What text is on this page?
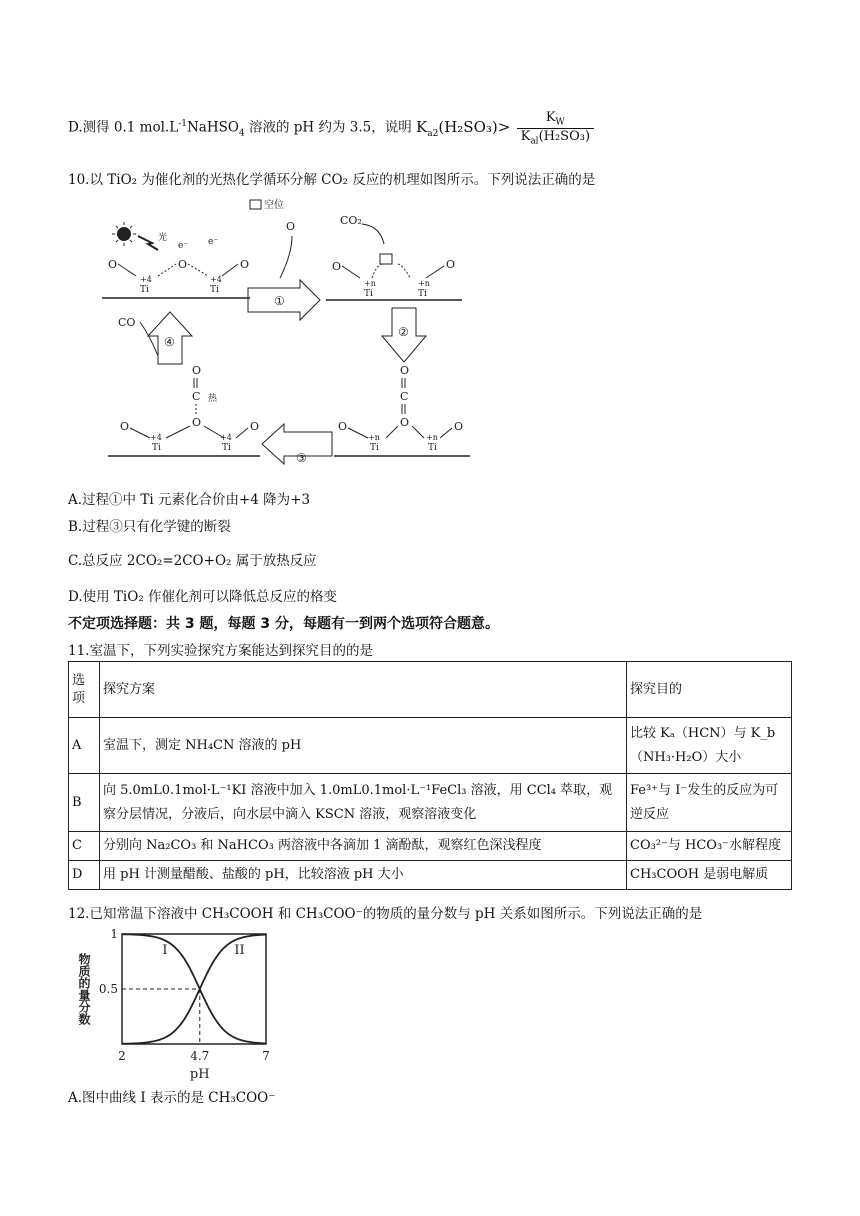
D.测得 0.1 $mol.L^{-1}NaHSO_4$ 溶液的 pH 约为 3.5，说明 $K_{a2}(H_2SO_3)> \frac{K_W}{K_{al}(H_2SO_3)}$
10.以 TiO₂ 为催化剂的光热化学循环分解 CO₂ 反应的机理如图所示。下列说法正确的是
空位
光
e⁻ e⁻
O	O	O
+4
Ti
+4
Ti
O
①
CO₂
O	O
+n
Ti
+n
Ti
②
O
C
O
O	O
+n
Ti
+n
Ti
③
O
C 热
O
O	O
+4
Ti
+4
Ti
④
CO
A.过程①中 Ti 元素化合价由+4 降为+3
B.过程③只有化学键的断裂
C.总反应 2CO₂=2CO+O₂ 属于放热反应
D.使用 TiO₂ 作催化剂可以降低总反应的格变
不定项选择题：共 3 题，每题 3 分，每题有一到两个选项符合题意。
11.室温下，下列实验探究方案能达到探究目的的是
选项	探究方案	探究目的
A	室温下，测定 NH₄CN 溶液的 pH	比较 Kₐ（HCN）与 K_b（NH₃·H₂O）大小
B	向 5.0mL0.1mol·L⁻¹KI 溶液中加入 1.0mL0.1mol·L⁻¹FeCl₃ 溶液，用 CCl₄ 萃取，观察分层情况，分液后，向水层中滴入 KSCN 溶液，观察溶液变化	Fe³⁺与 I⁻发生的反应为可逆反应
C	分别向 Na₂CO₃ 和 NaHCO₃ 两溶液中各滴加 1 滴酚酞，观察红色深浅程度	CO₃²⁻与 HCO₃⁻水解程度
D	用 pH 计测量醋酸、盐酸的 pH，比较溶液 pH 大小	CH₃COOH 是弱电解质
12.已知常温下溶液中 CH₃COOH 和 CH₃COO⁻的物质的量分数与 pH 关系如图所示。下列说法正确的是
I	II
2	4.7	7
0.5
1
pH
物质的量分数
A.图中曲线 I 表示的是 CH₃COO⁻
